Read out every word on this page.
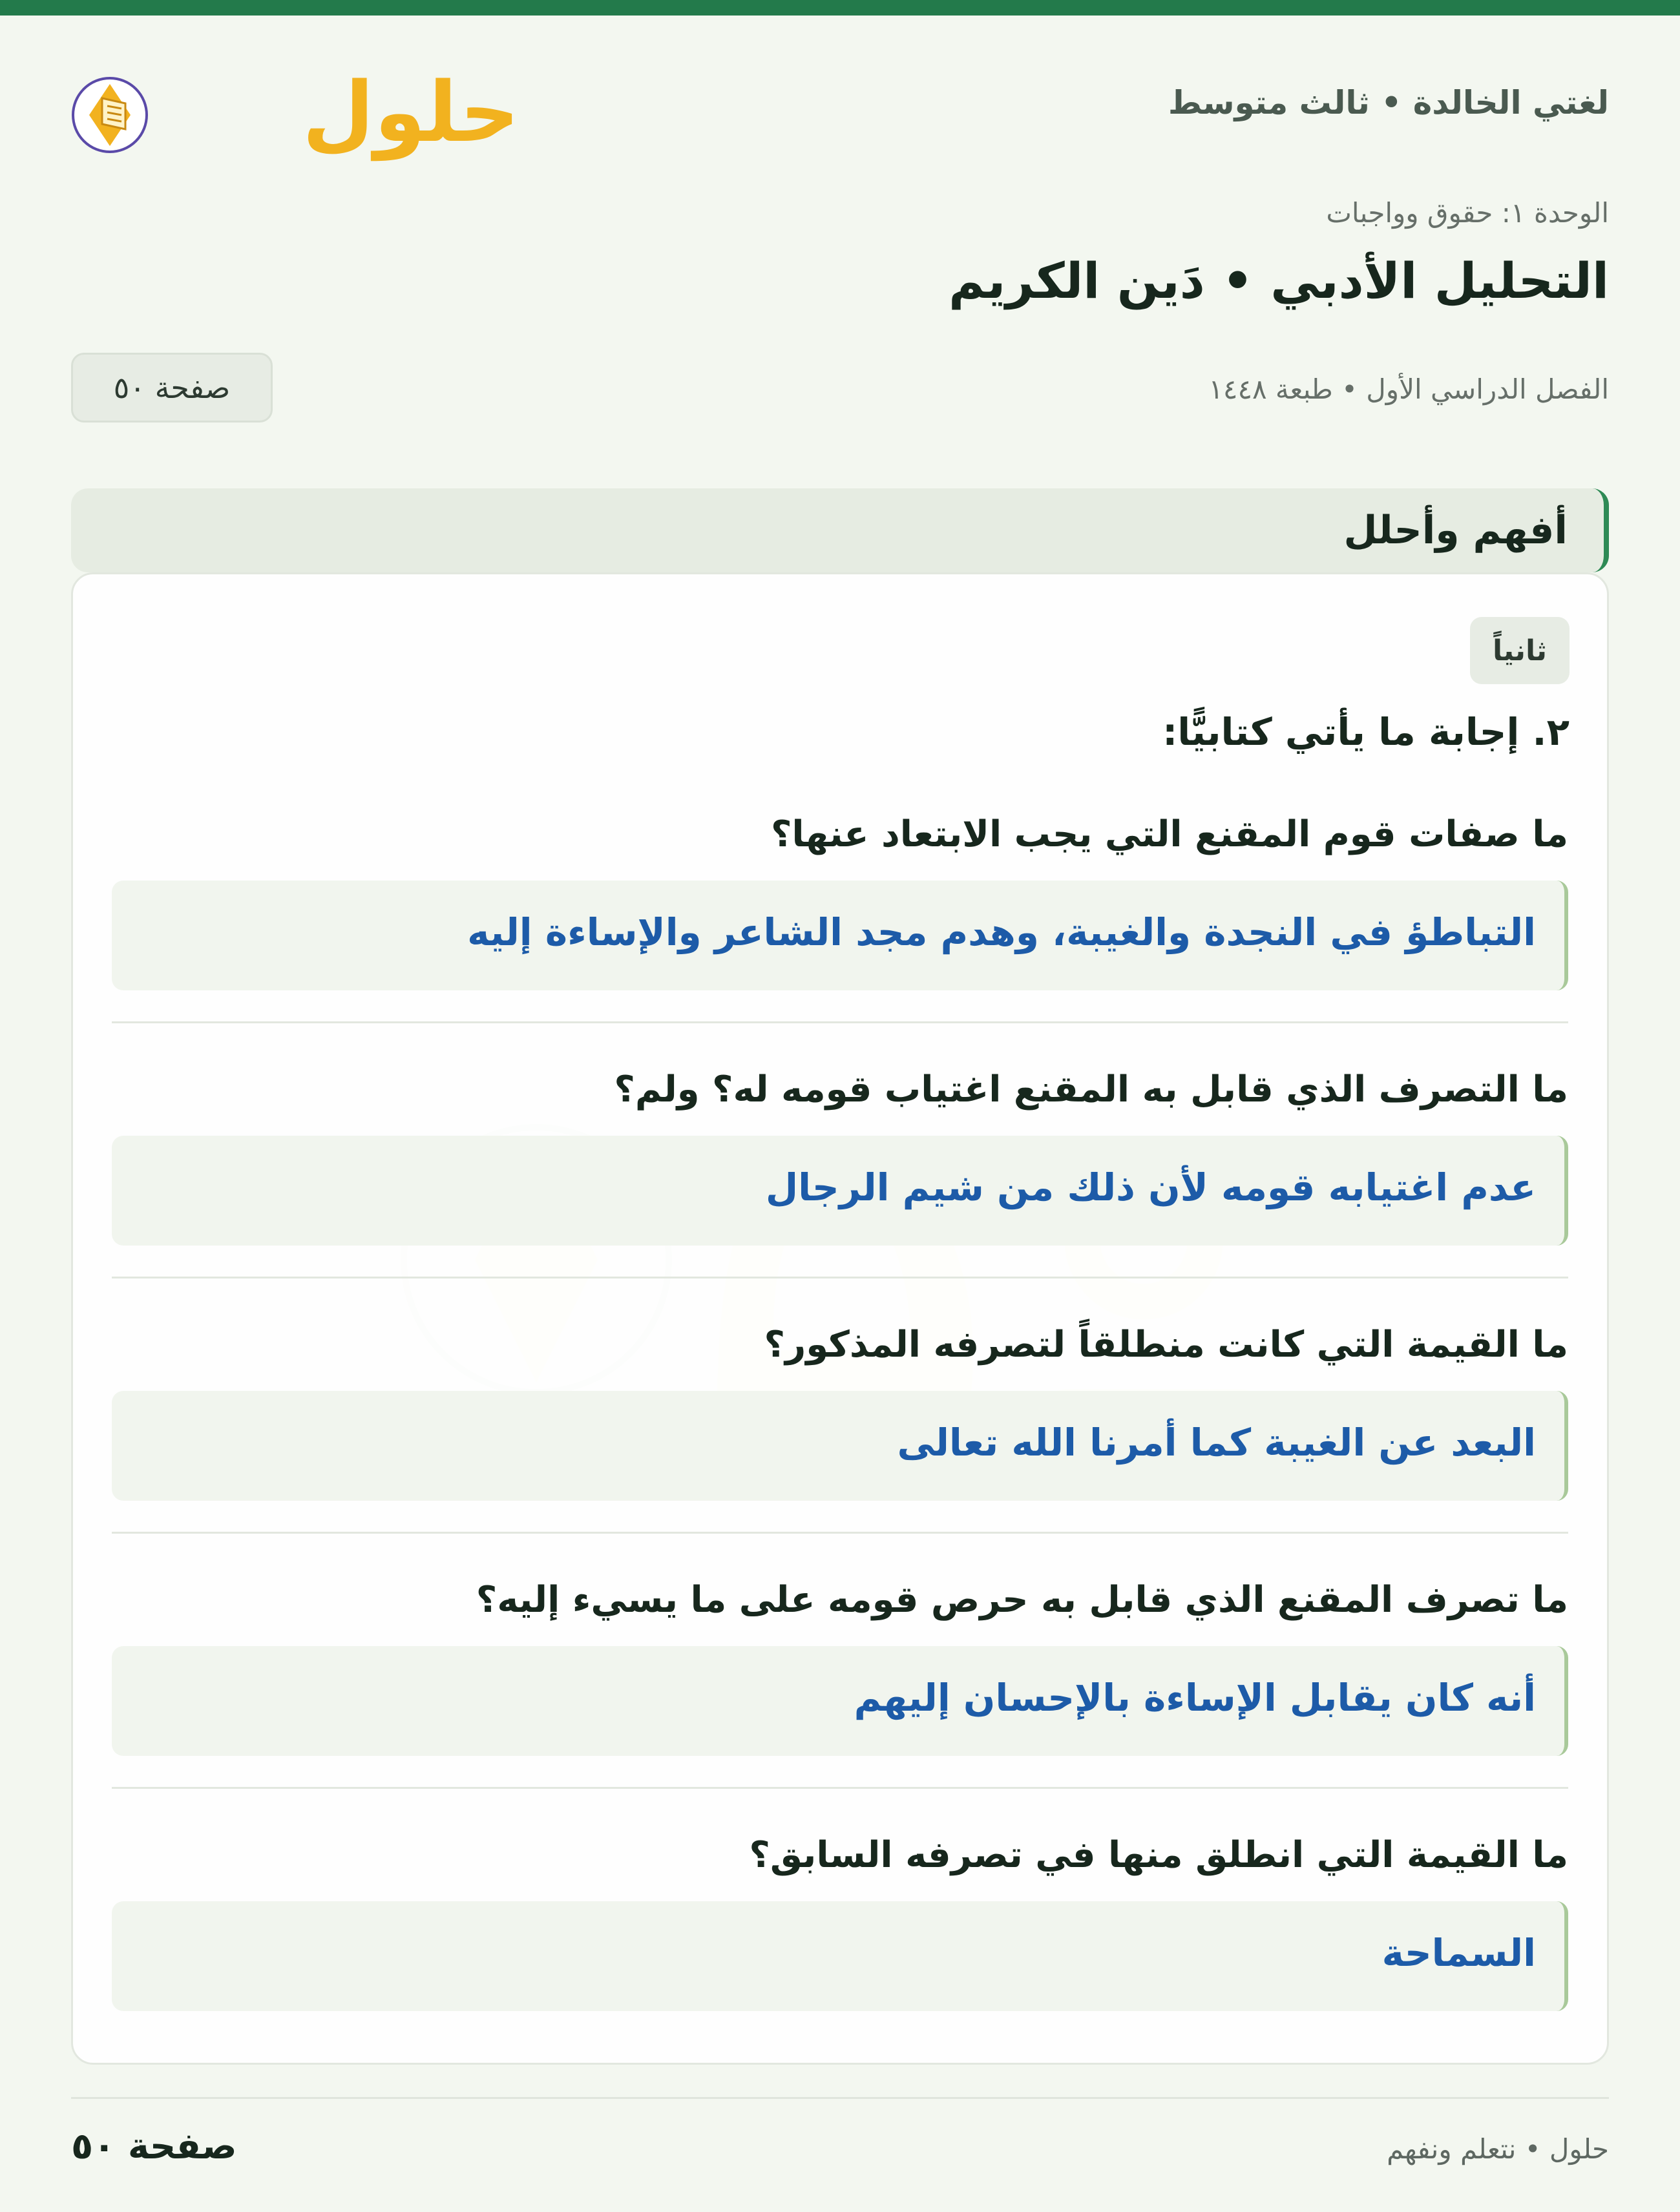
لغتي الخالدة • ثالث متوسط
حلول
الوحدة ١: حقوق وواجبات
التحليل الأدبي • دَين الكريم
الفصل الدراسي الأول • طبعة ١٤٤٨
صفحة ٥٠
أفهم وأحلل
ثانياً
٢. إجابة ما يأتي كتابيًّا:
ما صفات قوم المقنع التي يجب الابتعاد عنها؟
التباطؤ في النجدة والغيبة، وهدم مجد الشاعر والإساءة إليه
ما التصرف الذي قابل به المقنع اغتياب قومه له؟ ولم؟
عدم اغتيابه قومه لأن ذلك من شيم الرجال
ما القيمة التي كانت منطلقاً لتصرفه المذكور؟
البعد عن الغيبة كما أمرنا الله تعالى
ما تصرف المقنع الذي قابل به حرص قومه على ما يسيء إليه؟
أنه كان يقابل الإساءة بالإحسان إليهم
ما القيمة التي انطلق منها في تصرفه السابق؟
السماحة
حلول • نتعلم ونفهم
صفحة ٥٠
